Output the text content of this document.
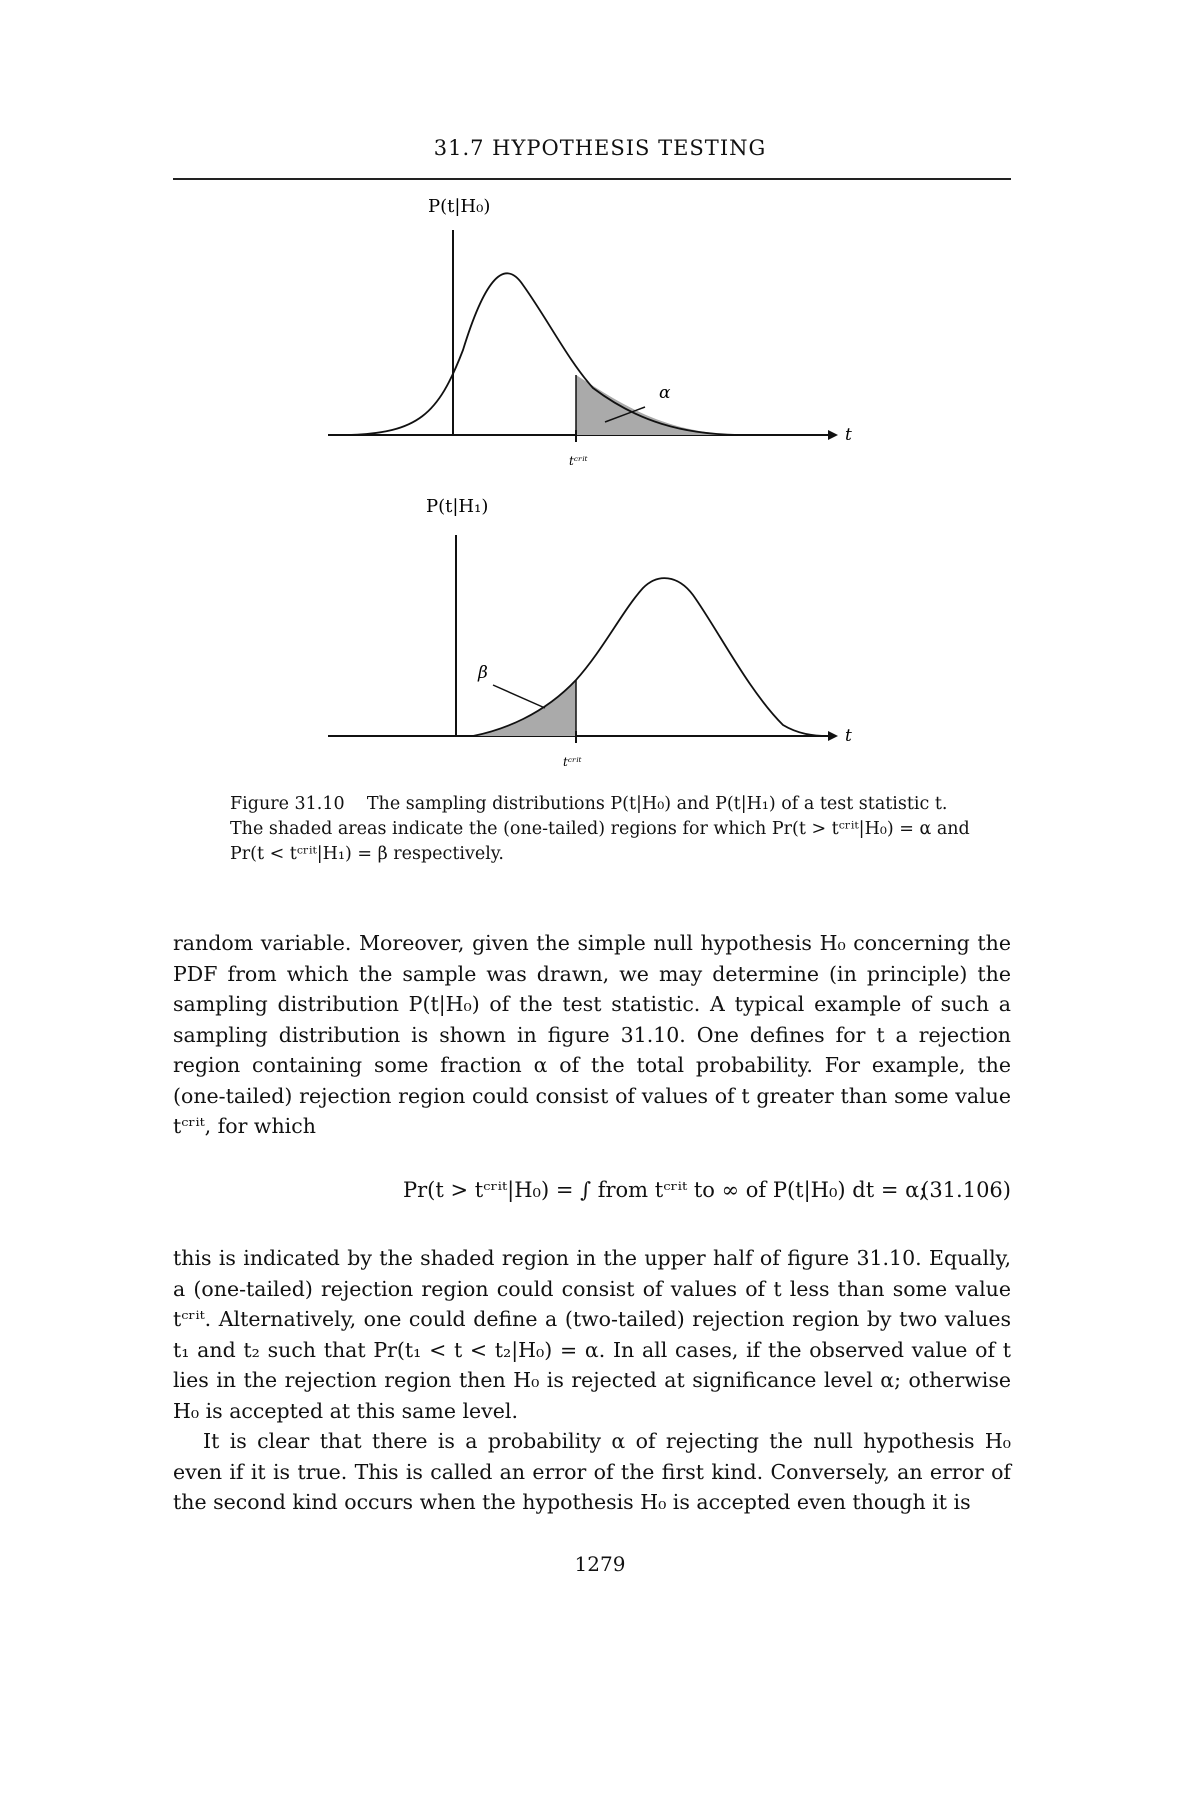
31.7 HYPOTHESIS TESTING
P(t|H₀)
t
α
tᶜʳⁱᵗ
P(t|H₁)
t
β
tᶜʳⁱᵗ
Figure 31.10 The sampling distributions P(t|H₀) and P(t|H₁) of a test statistic t. The shaded areas indicate the (one-tailed) regions for which Pr(t > tᶜʳⁱᵗ|H₀) = α and Pr(t < tᶜʳⁱᵗ|H₁) = β respectively.

random variable. Moreover, given the simple null hypothesis H₀ concerning the PDF from which the sample was drawn, we may determine (in principle) the sampling distribution P(t|H₀) of the test statistic. A typical example of such a sampling distribution is shown in figure 31.10. One defines for t a rejection region containing some fraction α of the total probability. For example, the (one-tailed) rejection region could consist of values of t greater than some value tᶜʳⁱᵗ, for which

Pr(t > tᶜʳⁱᵗ|H₀) = ∫ from tᶜʳⁱᵗ to ∞ of P(t|H₀) dt = α;
(31.106)

this is indicated by the shaded region in the upper half of figure 31.10. Equally, a (one-tailed) rejection region could consist of values of t less than some value tᶜʳⁱᵗ. Alternatively, one could define a (two-tailed) rejection region by two values t₁ and t₂ such that Pr(t₁ < t < t₂|H₀) = α. In all cases, if the observed value of t lies in the rejection region then H₀ is rejected at significance level α; otherwise H₀ is accepted at this same level.

It is clear that there is a probability α of rejecting the null hypothesis H₀ even if it is true. This is called an error of the first kind. Conversely, an error of the second kind occurs when the hypothesis H₀ is accepted even though it is

1279
